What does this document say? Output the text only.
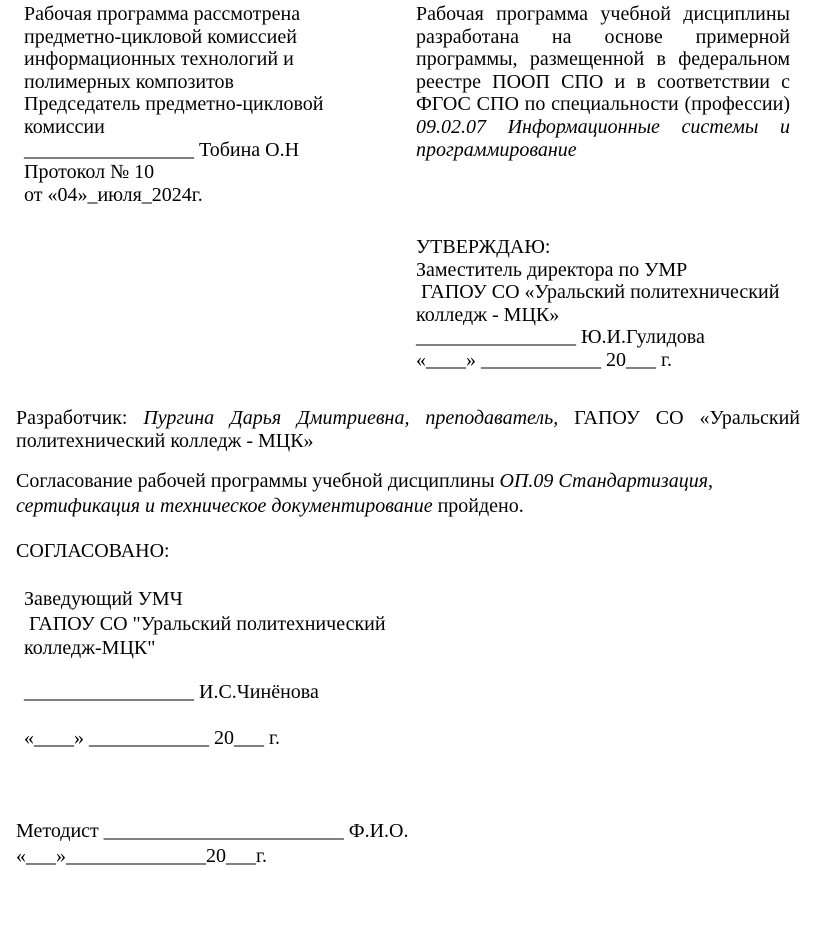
Рабочая программа рассмотрена
предметно-цикловой комиссией
информационных технологий и
полимерных композитов
Председатель предметно-цикловой
комиссии
_________________ Тобина О.Н
Протокол № 10
от «04»_июля_2024г.
Рабочая программа учебной дисциплины разработана на основе примерной программы, размещенной в федеральном реестре ПООП СПО и в соответствии с ФГОС СПО по специальности (профессии) 09.02.07 Информационные системы и программирование
УТВЕРЖДАЮ:
Заместитель директора по УМР
ГАПОУ СО «Уральский политехнический
колледж - МЦК»
________________ Ю.И.Гулидова
«____» ____________ 20___ г.
Разработчик: Пургина Дарья Дмитриевна, преподаватель, ГАПОУ СО «Уральский политехнический колледж - МЦК»
Согласование рабочей программы учебной дисциплины ОП.09 Стандартизация, сертификация и техническое документирование пройдено.
СОГЛАСОВАНО:
Заведующий УМЧ
ГАПОУ СО "Уральский политехнический
колледж-МЦК"
_________________ И.С.Чинёнова
«____» ____________ 20___ г.
Методист ________________________ Ф.И.О.
«___»______________20___г.
